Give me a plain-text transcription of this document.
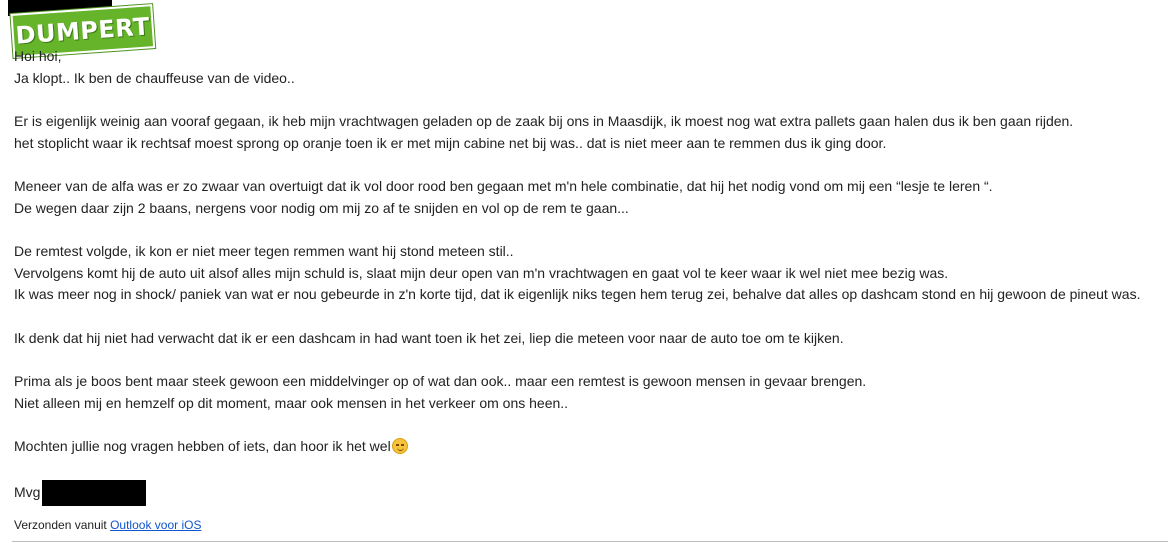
DUMPERT

Hoi hoi,
Ja klopt.. Ik ben de chauffeuse van de video..

Er is eigenlijk weinig aan vooraf gegaan, ik heb mijn vrachtwagen geladen op de zaak bij ons in Maasdijk, ik moest nog wat extra pallets gaan halen dus ik ben gaan rijden.
het stoplicht waar ik rechtsaf moest sprong op oranje toen ik er met mijn cabine net bij was.. dat is niet meer aan te remmen dus ik ging door.

Meneer van de alfa was er zo zwaar van overtuigt dat ik vol door rood ben gegaan met m'n hele combinatie, dat hij het nodig vond om mij een “lesje te leren “.
De wegen daar zijn 2 baans, nergens voor nodig om mij zo af te snijden en vol op de rem te gaan...

De remtest volgde, ik kon er niet meer tegen remmen want hij stond meteen stil..
Vervolgens komt hij de auto uit alsof alles mijn schuld is, slaat mijn deur open van m'n vrachtwagen en gaat vol te keer waar ik wel niet mee bezig was.
Ik was meer nog in shock/ paniek van wat er nou gebeurde in z'n korte tijd, dat ik eigenlijk niks tegen hem terug zei, behalve dat alles op dashcam stond en hij gewoon de pineut was.

Ik denk dat hij niet had verwacht dat ik er een dashcam in had want toen ik het zei, liep die meteen voor naar de auto toe om te kijken.

Prima als je boos bent maar steek gewoon een middelvinger op of wat dan ook.. maar een remtest is gewoon mensen in gevaar brengen.
Niet alleen mij en hemzelf op dit moment, maar ook mensen in het verkeer om ons heen..

Mochten jullie nog vragen hebben of iets, dan hoor ik het wel

Mvg
Verzonden vanuit Outlook voor iOS
